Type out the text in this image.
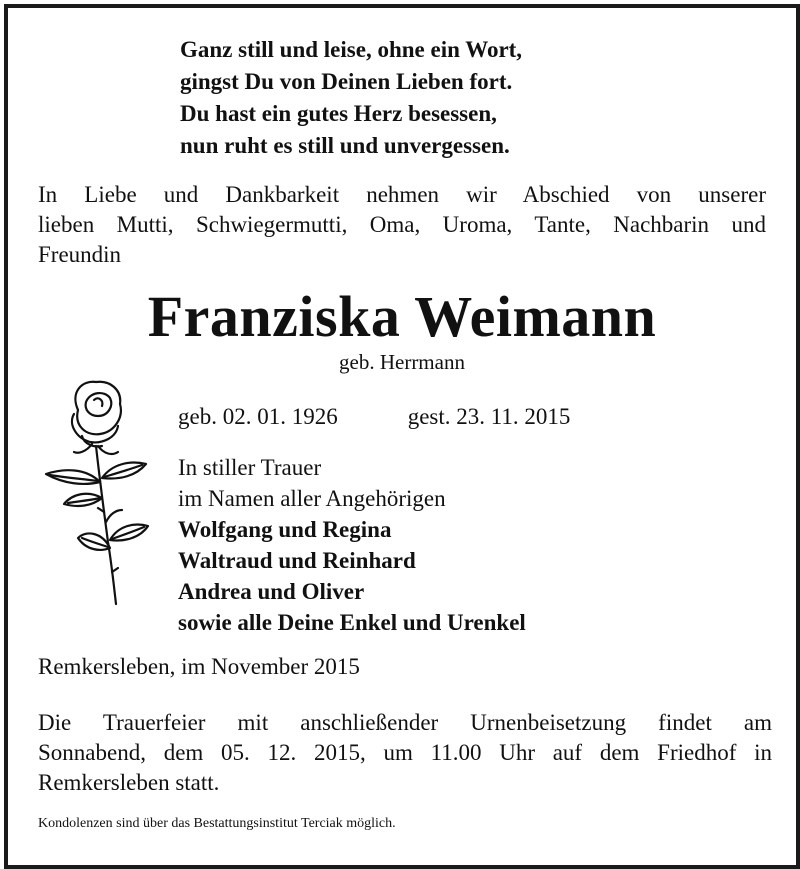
Ganz still und leise, ohne ein Wort,
gingst Du von Deinen Lieben fort.
Du hast ein gutes Herz besessen,
nun ruht es still und unvergessen.
In Liebe und Dankbarkeit nehmen wir Abschied von unserer
lieben Mutti, Schwiegermutti, Oma, Uroma, Tante, Nachbarin und
Freundin
Franziska Weimann
geb. Herrmann
geb. 02. 01. 1926	gest. 23. 11. 2015
In stiller Trauer
im Namen aller Angehörigen
Wolfgang und Regina
Waltraud und Reinhard
Andrea und Oliver
sowie alle Deine Enkel und Urenkel
Remkersleben, im November 2015
Die Trauerfeier mit anschließender Urnenbeisetzung findet am
Sonnabend, dem 05. 12. 2015, um 11.00 Uhr auf dem Friedhof in
Remkersleben statt.
Kondolenzen sind über das Bestattungsinstitut Terciak möglich.
